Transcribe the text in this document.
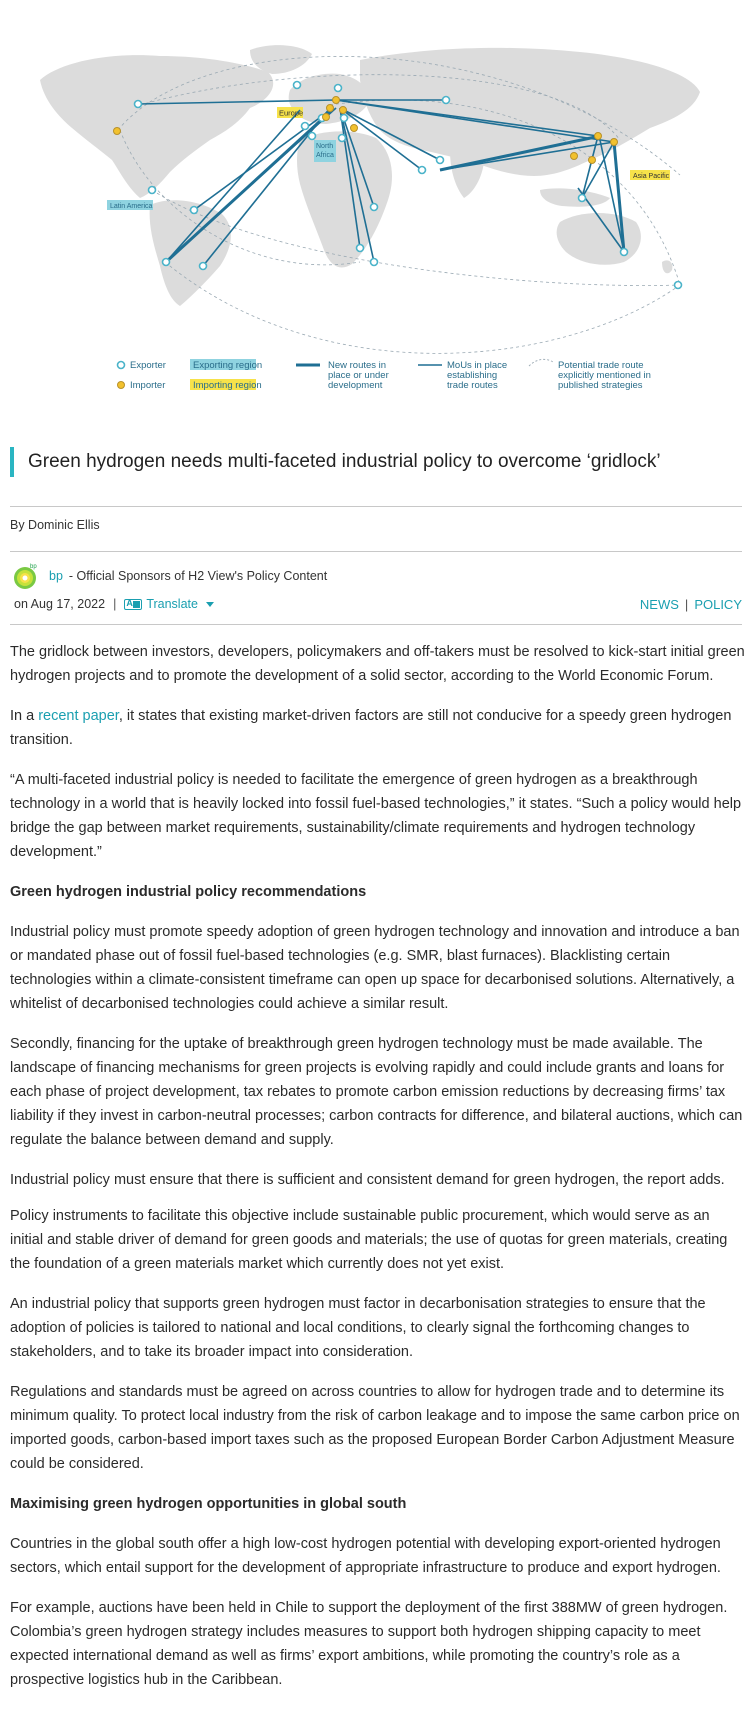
Europe
North
Africa
Latin America
Asia Pacific
Exporter
Importer
Exporting region
Importing region
New routes in
place or under
development
MoUs in place
establishing
trade routes
Potential trade route
explicitly mentioned in
published strategies
Green hydrogen needs multi-faceted industrial policy to overcome ‘gridlock’
By Dominic Ellis
bp
bp - Official Sponsors of H2 View's Policy Content
on Aug 17, 2022 |
A Translate	NEWS | POLICY

The gridlock between investors, developers, policymakers and off-takers must be resolved to kick-start initial green hydrogen projects and to promote the development of a solid sector, according to the World Economic Forum.

In a recent paper, it states that existing market-driven factors are still not conducive for a speedy green hydrogen transition.

“A multi-faceted industrial policy is needed to facilitate the emergence of green hydrogen as a breakthrough technology in a world that is heavily locked into fossil fuel-based technologies,” it states. “Such a policy would help bridge the gap between market requirements, sustainability/climate requirements and hydrogen technology development.”

Green hydrogen industrial policy recommendations

Industrial policy must promote speedy adoption of green hydrogen technology and innovation and introduce a ban or mandated phase out of fossil fuel-based technologies (e.g. SMR, blast furnaces). Blacklisting certain technologies within a climate-consistent timeframe can open up space for decarbonised solutions. Alternatively, a whitelist of decarbonised technologies could achieve a similar result.

Secondly, financing for the uptake of breakthrough green hydrogen technology must be made available. The landscape of financing mechanisms for green projects is evolving rapidly and could include grants and loans for each phase of project development, tax rebates to promote carbon emission reductions by decreasing firms’ tax liability if they invest in carbon-neutral processes; carbon contracts for difference, and bilateral auctions, which can regulate the balance between demand and supply.

Industrial policy must ensure that there is sufficient and consistent demand for green hydrogen, the report adds.

Policy instruments to facilitate this objective include sustainable public procurement, which would serve as an initial and stable driver of demand for green goods and materials; the use of quotas for green materials, creating the foundation of a green materials market which currently does not yet exist.

An industrial policy that supports green hydrogen must factor in decarbonisation strategies to ensure that the adoption of policies is tailored to national and local conditions, to clearly signal the forthcoming changes to stakeholders, and to take its broader impact into consideration.

Regulations and standards must be agreed on across countries to allow for hydrogen trade and to determine its minimum quality. To protect local industry from the risk of carbon leakage and to impose the same carbon price on imported goods, carbon-based import taxes such as the proposed European Border Carbon Adjustment Measure could be considered.

Maximising green hydrogen opportunities in global south

Countries in the global south offer a high low-cost hydrogen potential with developing export-oriented hydrogen sectors, which entail support for the development of appropriate infrastructure to produce and export hydrogen.

For example, auctions have been held in Chile to support the deployment of the first 388MW of green hydrogen. Colombia’s green hydrogen strategy includes measures to support both hydrogen shipping capacity to meet expected international demand as well as firms’ export ambitions, while promoting the country’s role as a prospective logistics hub in the Caribbean.
